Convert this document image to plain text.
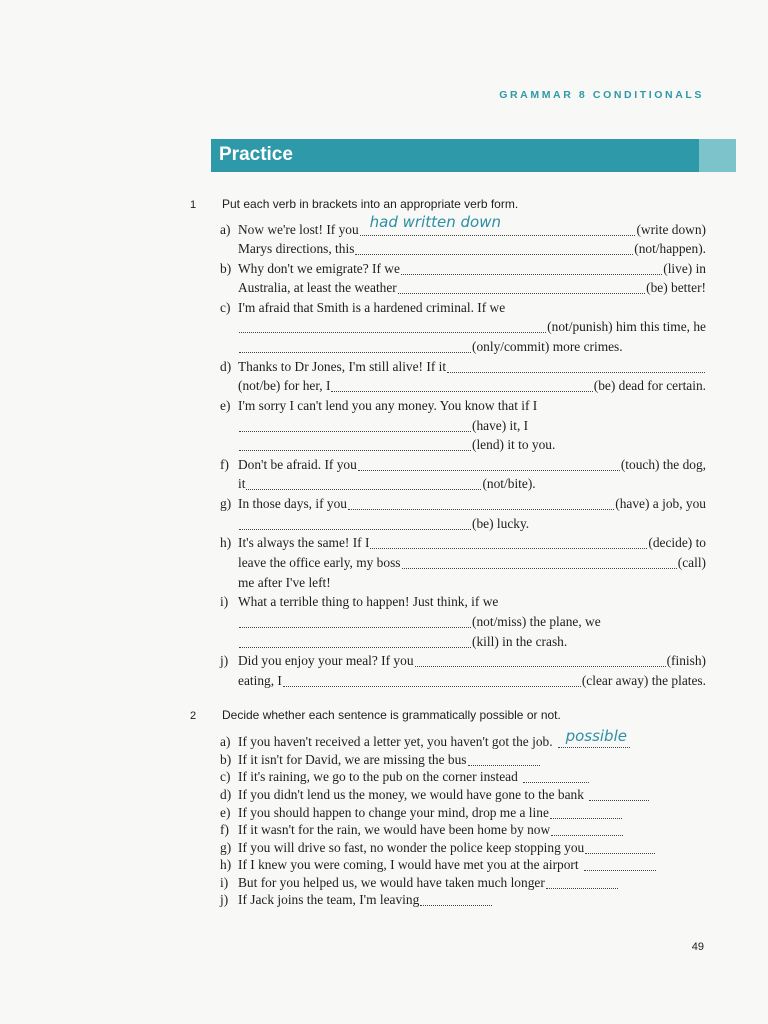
GRAMMAR 8 CONDITIONALS
Practice
1 Put each verb in brackets into an appropriate verb form.
a) Now we're lost! If you had written down	(write down)
Marys directions, this	(not/happen).
b) Why don't we emigrate? If we	(live) in
Australia, at least the weather	(be) better!
c) I'm afraid that Smith is a hardened criminal. If we
(not/punish) him this time, he
(only/commit) more crimes.
d) Thanks to Dr Jones, I'm still alive! If it
(not/be) for her, I	(be) dead for certain.
e) I'm sorry I can't lend you any money. You know that if I
(have) it, I
(lend) it to you.
f) Don't be afraid. If you	(touch) the dog,
it	(not/bite).
g) In those days, if you	(have) a job, you
(be) lucky.
h) It's always the same! If I	(decide) to
leave the office early, my boss	(call)
me after I've left!
i) What a terrible thing to happen! Just think, if we
(not/miss) the plane, we
(kill) in the crash.
j) Did you enjoy your meal? If you	(finish)
eating, I	(clear away) the plates.
2 Decide whether each sentence is grammatically possible or not.
a) If you haven't received a letter yet, you haven't got the job. possible
b) If it isn't for David, we are missing the bus
c) If it's raining, we go to the pub on the corner instead
d) If you didn't lend us the money, we would have gone to the bank
e) If you should happen to change your mind, drop me a line
f) If it wasn't for the rain, we would have been home by now
g) If you will drive so fast, no wonder the police keep stopping you
h) If I knew you were coming, I would have met you at the airport
i) But for you helped us, we would have taken much longer
j) If Jack joins the team, I'm leaving
49
